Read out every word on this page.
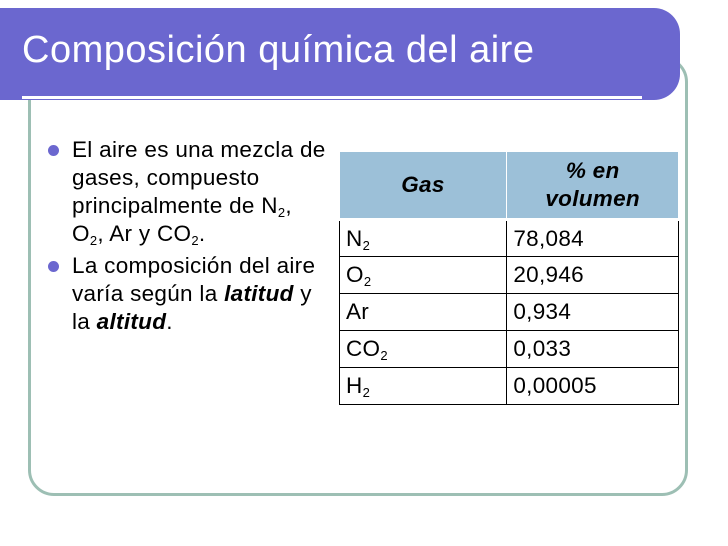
Composición química del aire
El aire es una mezcla de gases, compuesto principalmente de $N_2$, $O_2$, Ar y $CO_2$.
La composición del aire varía según la latitud y la altitud.
Gas	% en volumen
$N_2$	78,084
$O_2$	20,946
Ar	0,934
$CO_2$	0,033
$H_2$	0,00005
